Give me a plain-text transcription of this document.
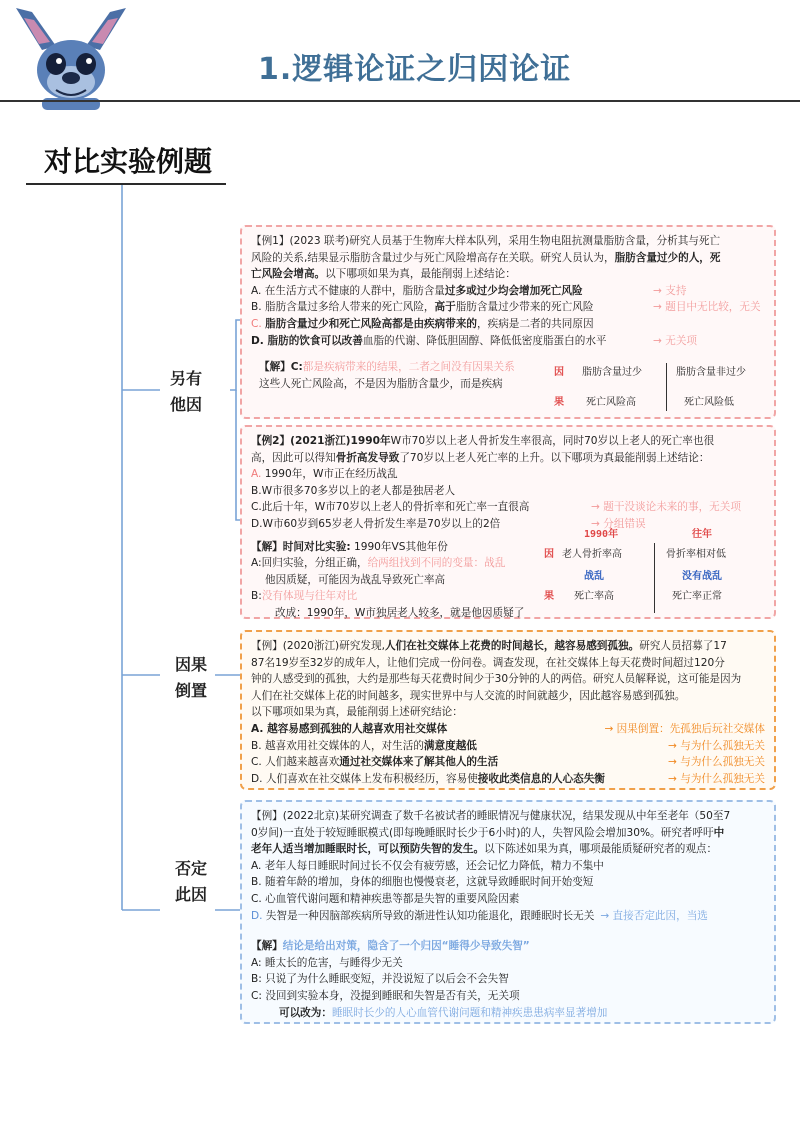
1.逻辑论证之归因论证
对比实验例题
另有
他因
因果
倒置
否定
此因
【例1】(2023 联考)研究人员基于生物库大样本队列，采用生物电阻抗测量脂肪含量，分析其与死亡
风险的关系,结果显示脂肪含量过少与死亡风险增高存在关联。研究人员认为，脂肪含量过少的人，死
亡风险会增高。以下哪项如果为真，最能削弱上述结论：
A. 在生活方式不健康的人群中，脂肪含量过多或过少均会增加死亡风险	→ 支持
B. 脂肪含量过多给人带来的死亡风险，高于脂肪含量过少带来的死亡风险	→ 题目中无比较，无关
C. 脂肪含量过少和死亡风险高都是由疾病带来的，疾病是二者的共同原因
D. 脂肪的饮食可以改善血脂的代谢、降低胆固醇、降低低密度脂蛋白的水平	→ 无关项
【解】C:都是疾病带来的结果，二者之间没有因果关系
这些人死亡风险高，不是因为脂肪含量少，而是疾病
因 脂肪含量过少	脂肪含量非过少
果 死亡风险高	死亡风险低
【例2】(2021浙江)1990年W市70岁以上老人骨折发生率很高，同时70岁以上老人的死亡率也很
高，因此可以得知骨折高发导致了70岁以上老人死亡率的上升。以下哪项为真最能削弱上述结论：
A. 1990年，W市正在经历战乱
B.W市很多70多岁以上的老人都是独居老人
C.此后十年，W市70岁以上老人的骨折率和死亡率一直很高	→ 题干没谈论未来的事，无关项
D.W市60岁到65岁老人骨折发生率是70岁以上的2倍	→ 分组错误
【解】时间对比实验: 1990年VS其他年份
A:回归实验，分组正确，给两组找到不同的变量：战乱
他因质疑，可能因为战乱导致死亡率高
B:没有体现与往年对比
改成：1990年，W市独居老人较多，就是他因质疑了
1990年	往年
因 老人骨折率高	骨折率相对低
战乱	没有战乱
果 死亡率高	死亡率正常
【例】(2020浙江)研究发现,人们在社交媒体上花费的时间越长，越容易感到孤独。研究人员招募了17
87名19岁至32岁的成年人，让他们完成一份问卷。调查发现，在社交媒体上每天花费时间超过120分
钟的人感受到的孤独，大约是那些每天花费时间少于30分钟的人的两倍。研究人员解释说，这可能是因为
人们在社交媒体上花的时间越多，现实世界中与人交流的时间就越少，因此越容易感到孤独。
以下哪项如果为真，最能削弱上述研究结论：
A. 越容易感到孤独的人越喜欢用社交媒体	→ 因果倒置：先孤独后玩社交媒体
B. 越喜欢用社交媒体的人，对生活的满意度越低	→ 与为什么孤独无关
C. 人们越来越喜欢通过社交媒体来了解其他人的生活	→ 与为什么孤独无关
D. 人们喜欢在社交媒体上发布积极经历，容易使接收此类信息的人心态失衡	→ 与为什么孤独无关
【例】(2022北京)某研究调查了数千名被试者的睡眠情况与健康状况，结果发现从中年至老年（50至7
0岁间)一直处于较短睡眠模式(即每晚睡眠时长少于6小时)的人，失智风险会增加30%。研究者呼吁中
老年人适当增加睡眠时长，可以预防失智的发生。以下陈述如果为真，哪项最能质疑研究者的观点：
A. 老年人每日睡眠时间过长不仅会有疲劳感，还会记忆力降低，精力不集中
B. 随着年龄的增加，身体的细胞也慢慢衰老，这就导致睡眠时间开始变短
C. 心血管代谢问题和精神疾患等都是失智的重要风险因素
D. 失智是一种因脑部疾病所导致的渐进性认知功能退化，跟睡眠时长无关 → 直接否定此因，当选
【解】结论是给出对策，隐含了一个归因“睡得少导致失智”
A: 睡太长的危害，与睡得少无关
B: 只说了为什么睡眠变短，并没说短了以后会不会失智
C: 没回到实验本身，没提到睡眠和失智是否有关，无关项
可以改为：睡眠时长少的人心血管代谢问题和精神疾患患病率显著增加
